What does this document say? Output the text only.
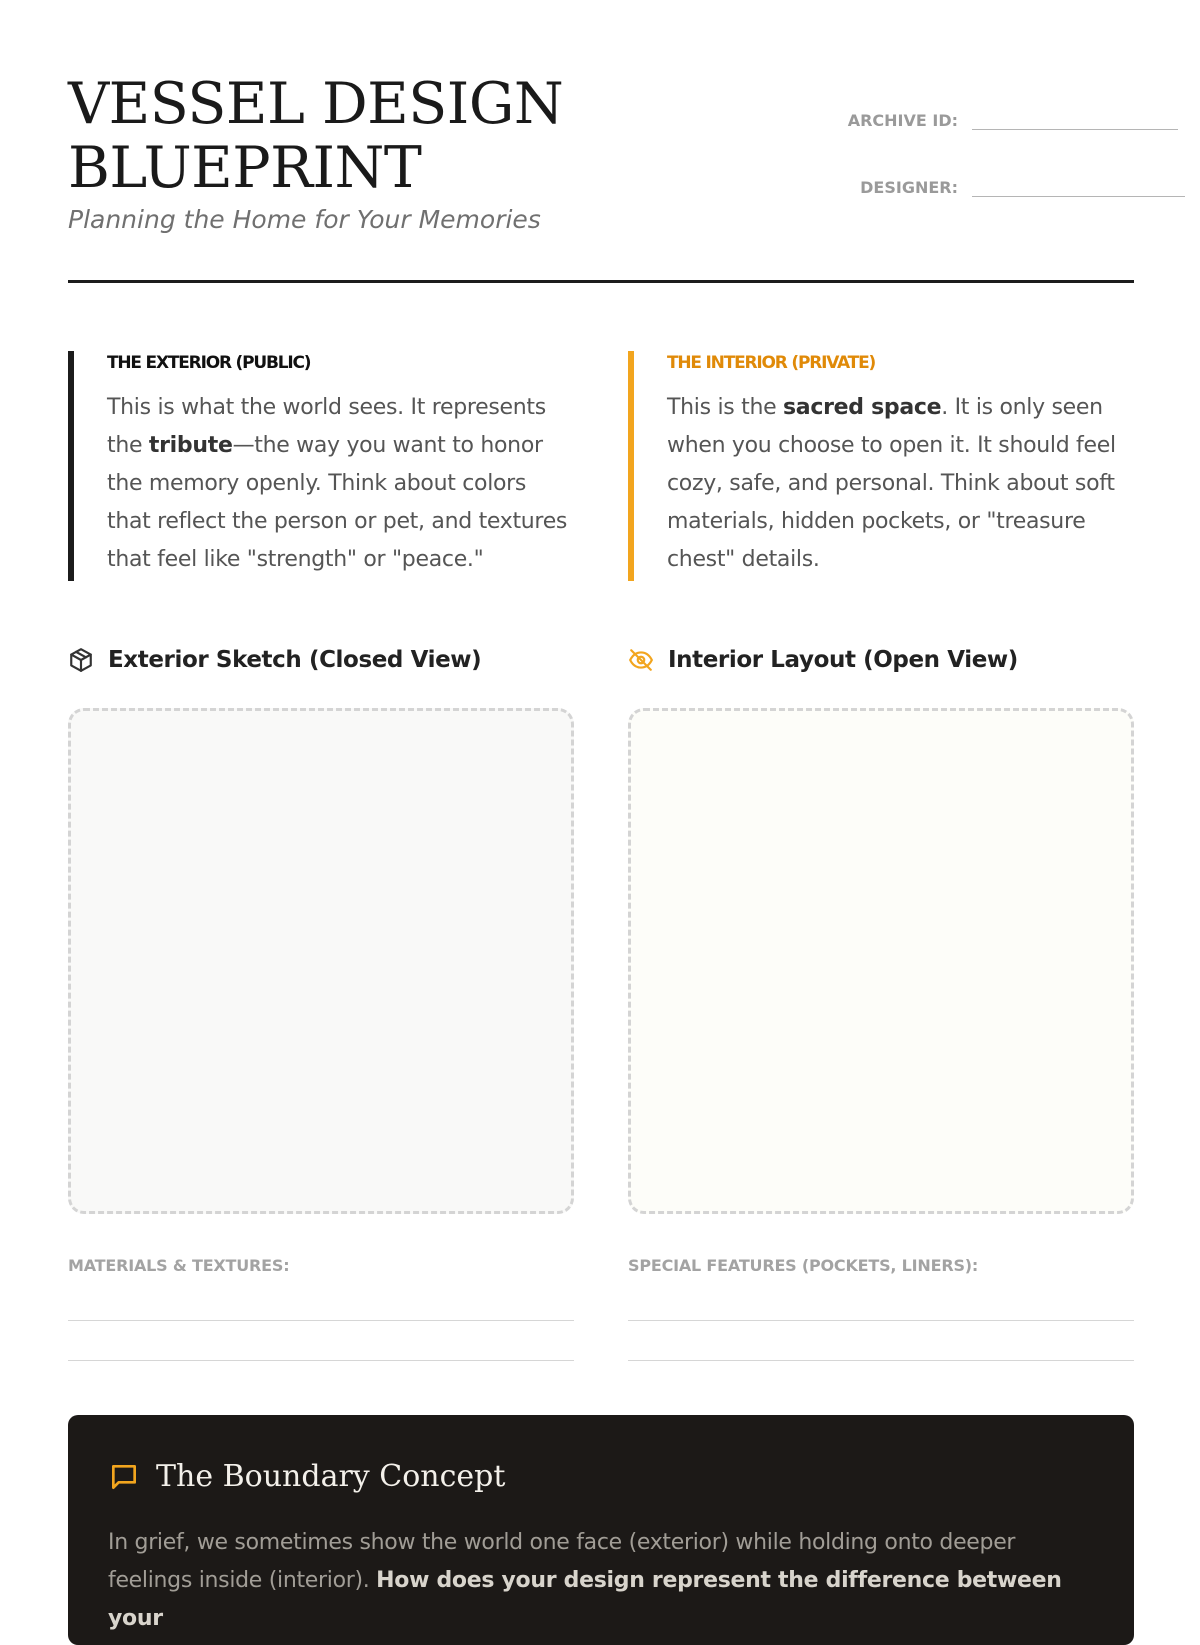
VESSEL DESIGN BLUEPRINT
Planning the Home for Your Memories
ARCHIVE ID:
DESIGNER:
THE EXTERIOR (PUBLIC)

This is what the world sees. It represents the tribute—the way you want to honor the memory openly. Think about colors that reflect the person or pet, and textures that feel like "strength" or "peace."

THE INTERIOR (PRIVATE)

This is the sacred space. It is only seen when you choose to open it. It should feel cozy, safe, and personal. Think about soft materials, hidden pockets, or "treasure chest" details.

Exterior Sketch (Closed View)	Interior Layout (Open View)
MATERIALS & TEXTURES:	SPECIAL FEATURES (POCKETS, LINERS):
The Boundary Concept

In grief, we sometimes show the world one face (exterior) while holding onto deeper feelings inside (interior). How does your design represent the difference between your
